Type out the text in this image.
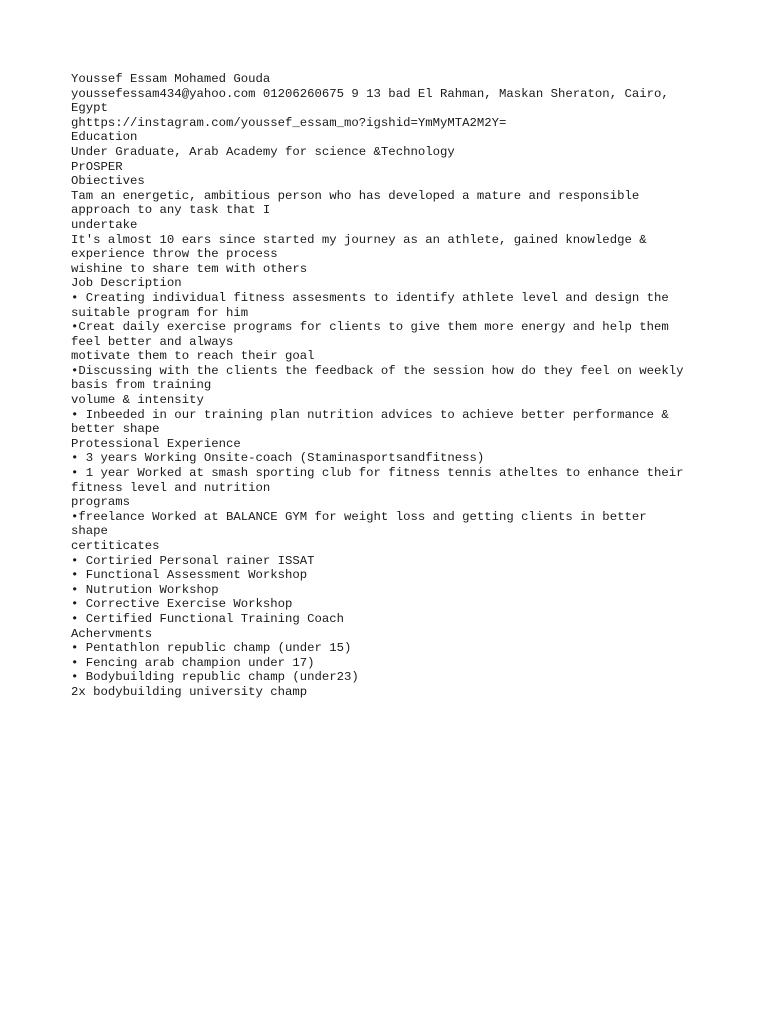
Youssef Essam Mohamed Gouda
youssefessam434@yahoo.com 01206260675 9 13 bad El Rahman, Maskan Sheraton, Cairo,
Egypt
ghttps://instagram.com/youssef_essam_mo?igshid=YmMyMTA2M2Y=
Education
Under Graduate, Arab Academy for science &Technology
PrOSPER
Obiectives
Tam an energetic, ambitious person who has developed a mature and responsible
approach to any task that I
undertake
It's almost 10 ears since started my journey as an athlete, gained knowledge &
experience throw the process
wishine to share tem with others
Job Description
• Creating individual fitness assesments to identify athlete level and design the
suitable program for him
•Creat daily exercise programs for clients to give them more energy and help them
feel better and always
motivate them to reach their goal
•Discussing with the clients the feedback of the session how do they feel on weekly
basis from training
volume & intensity
• Inbeeded in our training plan nutrition advices to achieve better performance &
better shape
Protessional Experience
• 3 years Working Onsite-coach (Staminasportsandfitness)
• 1 year Worked at smash sporting club for fitness tennis atheltes to enhance their
fitness level and nutrition
programs
•freelance Worked at BALANCE GYM for weight loss and getting clients in better
shape
certiticates
• Cortiried Personal rainer ISSAT
• Functional Assessment Workshop
• Nutrution Workshop
• Corrective Exercise Workshop
• Certified Functional Training Coach
Achervments
• Pentathlon republic champ (under 15)
• Fencing arab champion under 17)
• Bodybuilding republic champ (under23)
2x bodybuilding university champ
